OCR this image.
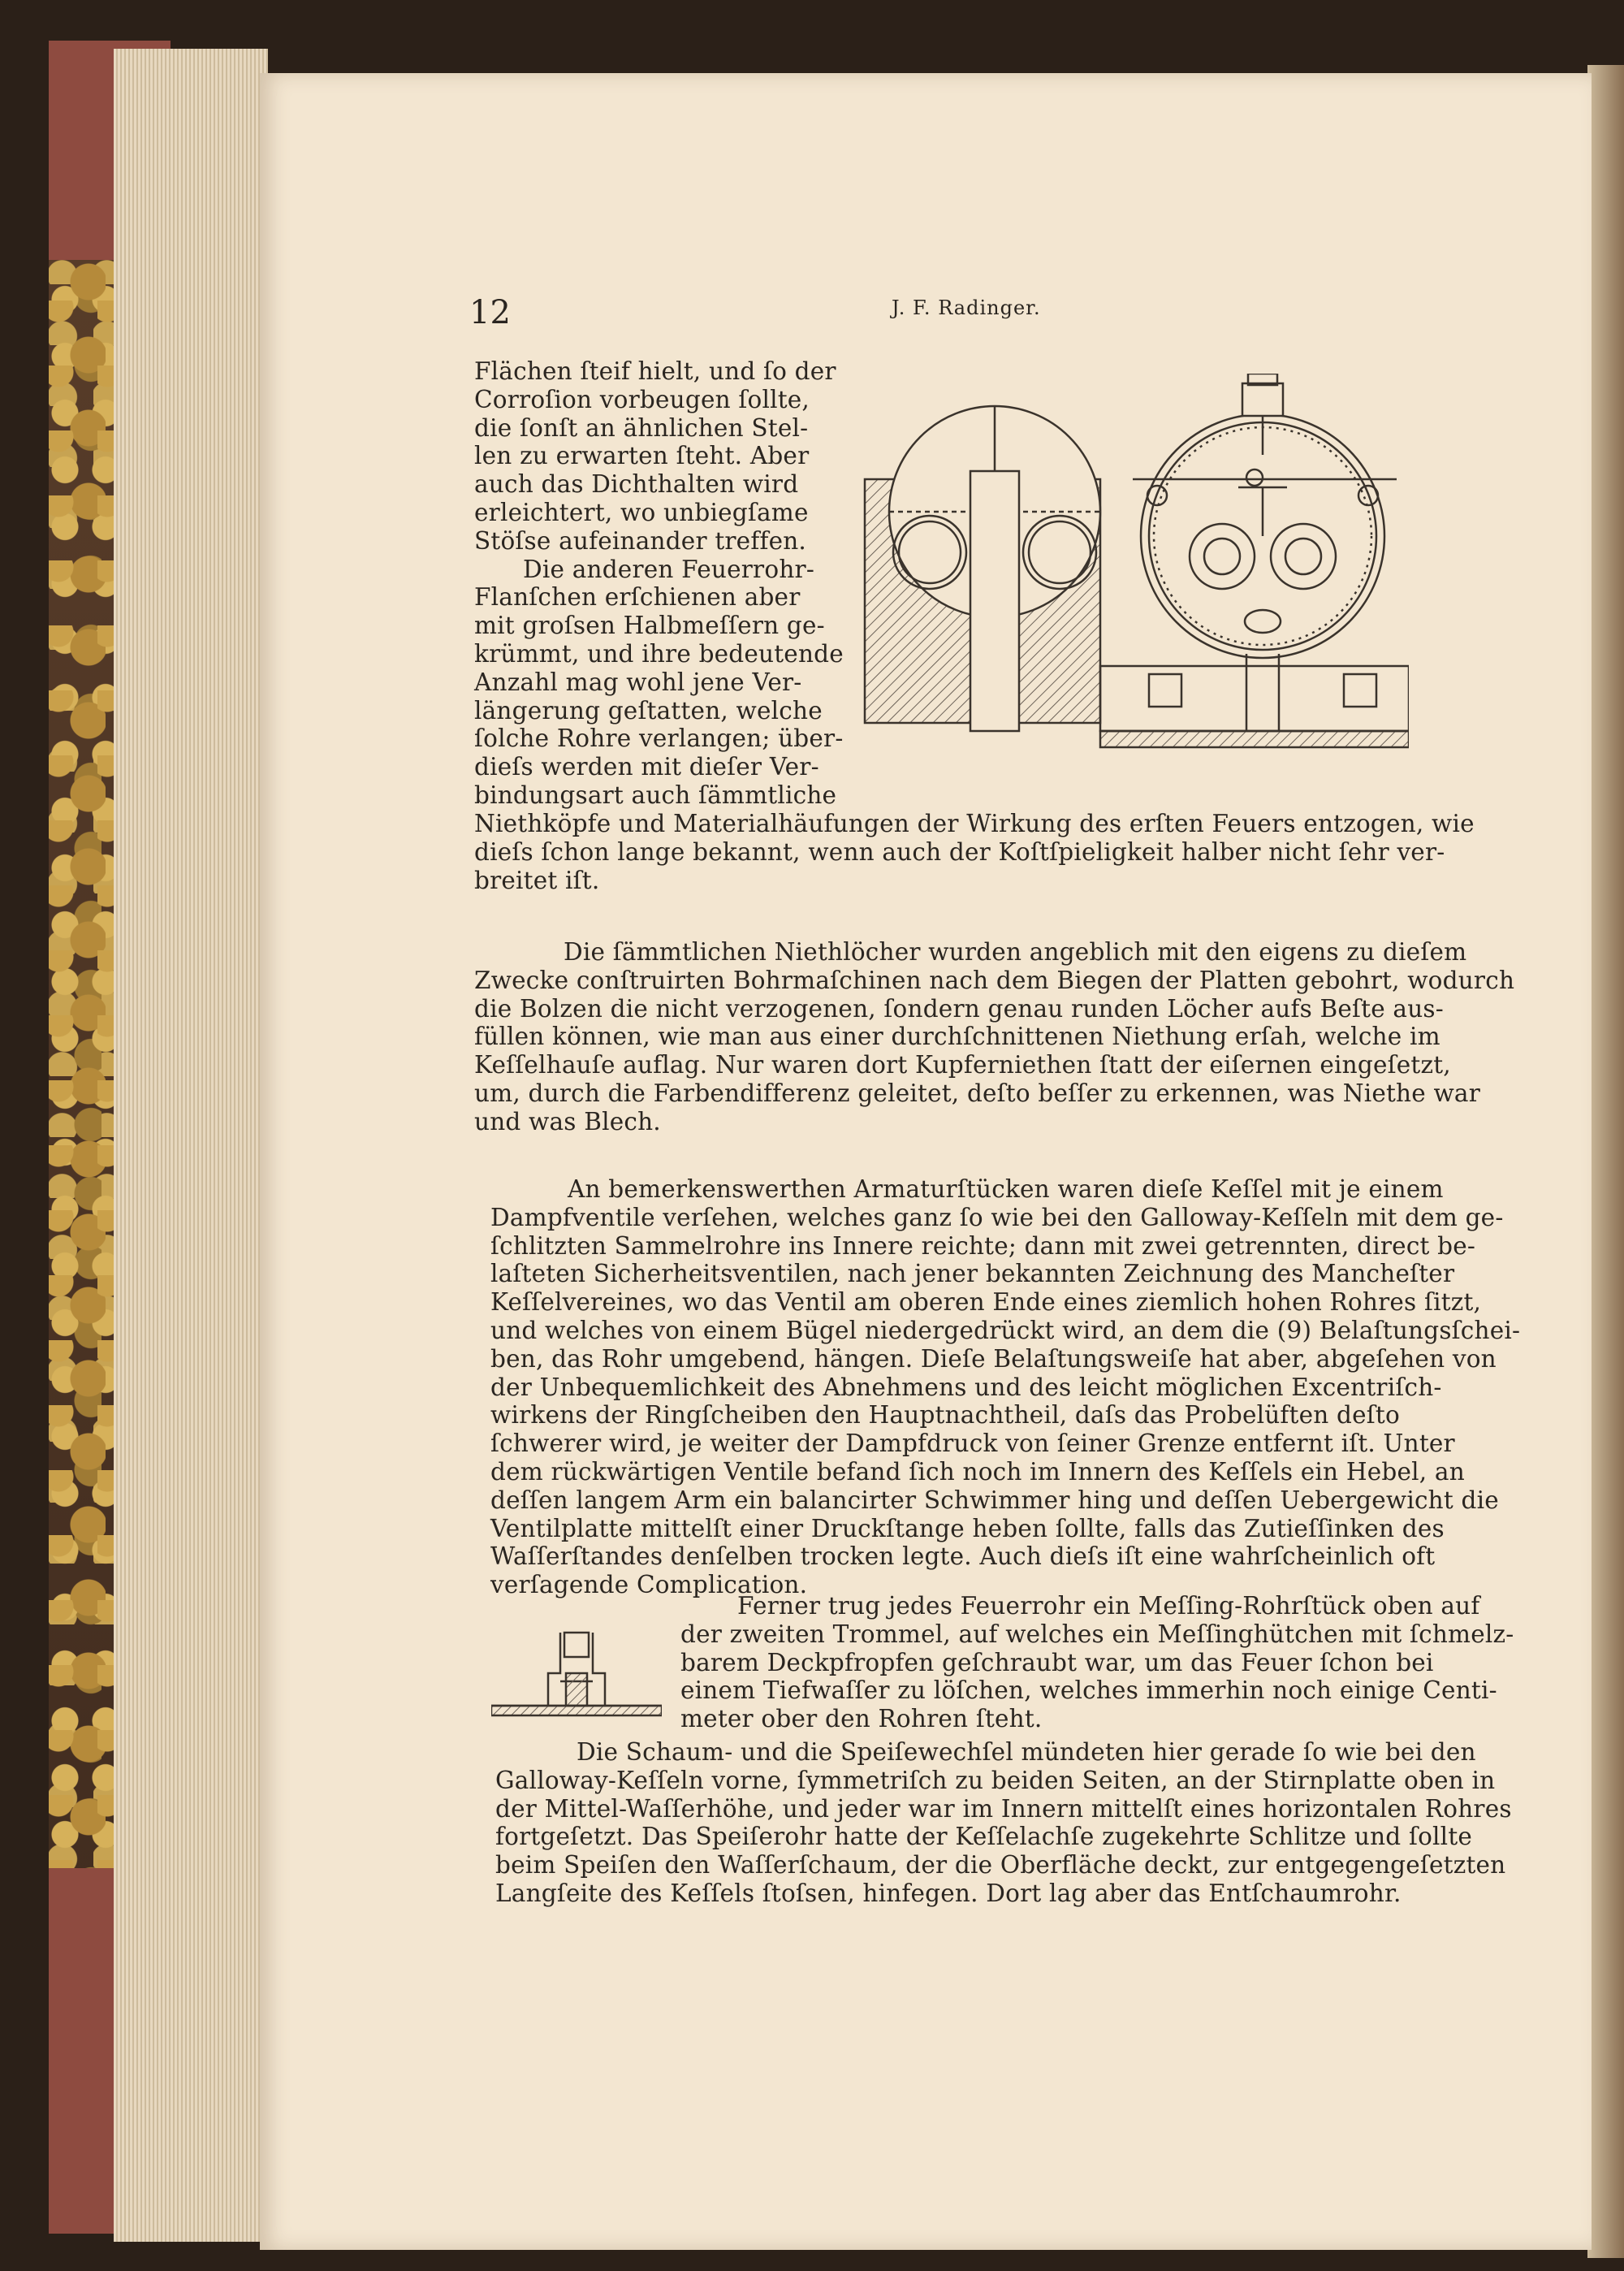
12	J. F. Radinger.

Flächen ſteif hielt, und ſo der

Corroſion vorbeugen ſollte,

die ſonſt an ähnlichen Stel-

len zu erwarten ſteht. Aber

auch das Dichthalten wird

erleichtert, wo unbiegſame

Stöſse aufeinander treffen.

Die anderen Feuerrohr-

Flanſchen erſchienen aber

mit groſsen Halbmeſſern ge-

krümmt, und ihre bedeutende

Anzahl mag wohl jene Ver-

längerung geſtatten, welche

ſolche Rohre verlangen; über-

dieſs werden mit dieſer Ver-

bindungsart auch ſämmtliche

Niethköpfe und Materialhäufungen der Wirkung des erſten Feuers entzogen, wie

dieſs ſchon lange bekannt, wenn auch der Koſtſpieligkeit halber nicht ſehr ver-

breitet iſt.

Die ſämmtlichen Niethlöcher wurden angeblich mit den eigens zu dieſem

Zwecke conſtruirten Bohrmaſchinen nach dem Biegen der Platten gebohrt, wodurch

die Bolzen die nicht verzogenen, ſondern genau runden Löcher aufs Beſte aus-

füllen können, wie man aus einer durchſchnittenen Niethung erſah, welche im

Keſſelhauſe auflag. Nur waren dort Kupferniethen ſtatt der eiſernen eingeſetzt,

um, durch die Farbendifferenz geleitet, deſto beſſer zu erkennen, was Niethe war

und was Blech.

An bemerkenswerthen Armaturſtücken waren dieſe Keſſel mit je einem

Dampfventile verſehen, welches ganz ſo wie bei den Galloway-Keſſeln mit dem ge-

ſchlitzten Sammelrohre ins Innere reichte; dann mit zwei getrennten, direct be-

laſteten Sicherheitsventilen, nach jener bekannten Zeichnung des Mancheſter

Keſſelvereines, wo das Ventil am oberen Ende eines ziemlich hohen Rohres ſitzt,

und welches von einem Bügel niedergedrückt wird, an dem die (9) Belaſtungsſchei-

ben, das Rohr umgebend, hängen. Dieſe Belaſtungsweiſe hat aber, abgeſehen von

der Unbequemlichkeit des Abnehmens und des leicht möglichen Excentriſch-

wirkens der Ringſcheiben den Hauptnachtheil, daſs das Probelüften deſto

ſchwerer wird, je weiter der Dampfdruck von ſeiner Grenze entfernt iſt. Unter

dem rückwärtigen Ventile befand ſich noch im Innern des Keſſels ein Hebel, an

deſſen langem Arm ein balancirter Schwimmer hing und deſſen Uebergewicht die

Ventilplatte mittelſt einer Druckſtange heben ſollte, falls das Zutieſſinken des

Waſſerſtandes denſelben trocken legte. Auch dieſs iſt eine wahrſcheinlich oft

verſagende Complication.

Ferner trug jedes Feuerrohr ein Meſſing-Rohrſtück oben auf

der zweiten Trommel, auf welches ein Meſſinghütchen mit ſchmelz-

barem Deckpfropfen geſchraubt war, um das Feuer ſchon bei

einem Tiefwaſſer zu löſchen, welches immerhin noch einige Centi-

meter ober den Rohren ſteht.

Die Schaum- und die Speiſewechſel mündeten hier gerade ſo wie bei den

Galloway-Keſſeln vorne, ſymmetriſch zu beiden Seiten, an der Stirnplatte oben in

der Mittel-Waſſerhöhe, und jeder war im Innern mittelſt eines horizontalen Rohres

fortgeſetzt. Das Speiſerohr hatte der Keſſelachſe zugekehrte Schlitze und ſollte

beim Speiſen den Waſſerſchaum, der die Oberfläche deckt, zur entgegengeſetzten

Langſeite des Keſſels ſtoſsen, hinfegen. Dort lag aber das Entſchaumrohr.
